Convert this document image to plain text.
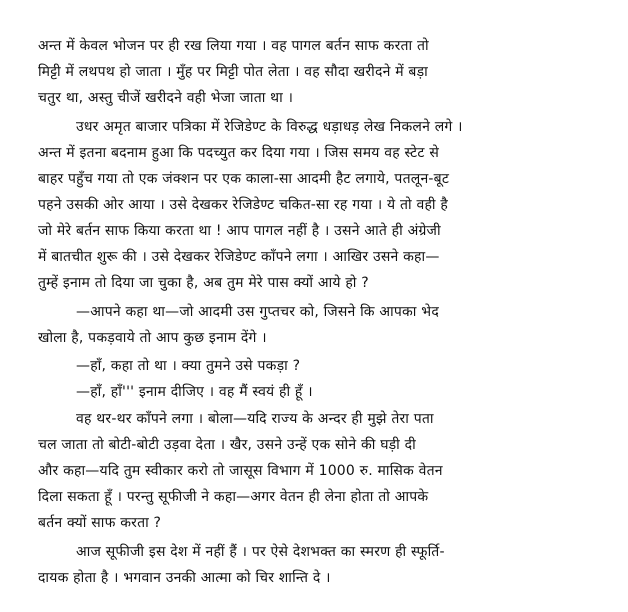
अन्त में केवल भोजन पर ही रख लिया गया । वह पागल बर्तन साफ करता तो
मिट्टी में लथपथ हो जाता । मुँह पर मिट्टी पोत लेता । वह सौदा खरीदने में बड़ा
चतुर था, अस्तु चीजें खरीदने वही भेजा जाता था ।
उधर अमृत बाजार पत्रिका में रेजिडेण्ट के विरुद्ध धड़ाधड़ लेख निकलने लगे ।
अन्त में इतना बदनाम हुआ कि पदच्युत कर दिया गया । जिस समय वह स्टेट से
बाहर पहुँच गया तो एक जंक्शन पर एक काला-सा आदमी हैट लगाये, पतलून-बूट
पहने उसकी ओर आया । उसे देखकर रेजिडेण्ट चकित-सा रह गया । ये तो वही है
जो मेरे बर्तन साफ किया करता था ! आप पागल नहीं है । उसने आते ही अंग्रेजी
में बातचीत शुरू की । उसे देखकर रेजिडेण्ट काँपने लगा । आखिर उसने कहा—
तुम्हें इनाम तो दिया जा चुका है, अब तुम मेरे पास क्यों आये हो ?
—आपने कहा था—जो आदमी उस गुप्तचर को, जिसने कि आपका भेद
खोला है, पकड़वाये तो आप कुछ इनाम देंगे ।
—हाँ, कहा तो था । क्या तुमने उसे पकड़ा ?
—हाँ, हाँ''' इनाम दीजिए । वह मैं स्वयं ही हूँ ।
वह थर-थर काँपने लगा । बोला—यदि राज्य के अन्दर ही मुझे तेरा पता
चल जाता तो बोटी-बोटी उड़वा देता । खैर, उसने उन्हें एक सोने की घड़ी दी
और कहा—यदि तुम स्वीकार करो तो जासूस विभाग में 1000 रु. मासिक वेतन
दिला सकता हूँ । परन्तु सूफीजी ने कहा—अगर वेतन ही लेना होता तो आपके
बर्तन क्यों साफ करता ?
आज सूफीजी इस देश में नहीं हैं । पर ऐसे देशभक्त का स्मरण ही स्फूर्ति-
दायक होता है । भगवान उनकी आत्मा को चिर शान्ति दे ।
